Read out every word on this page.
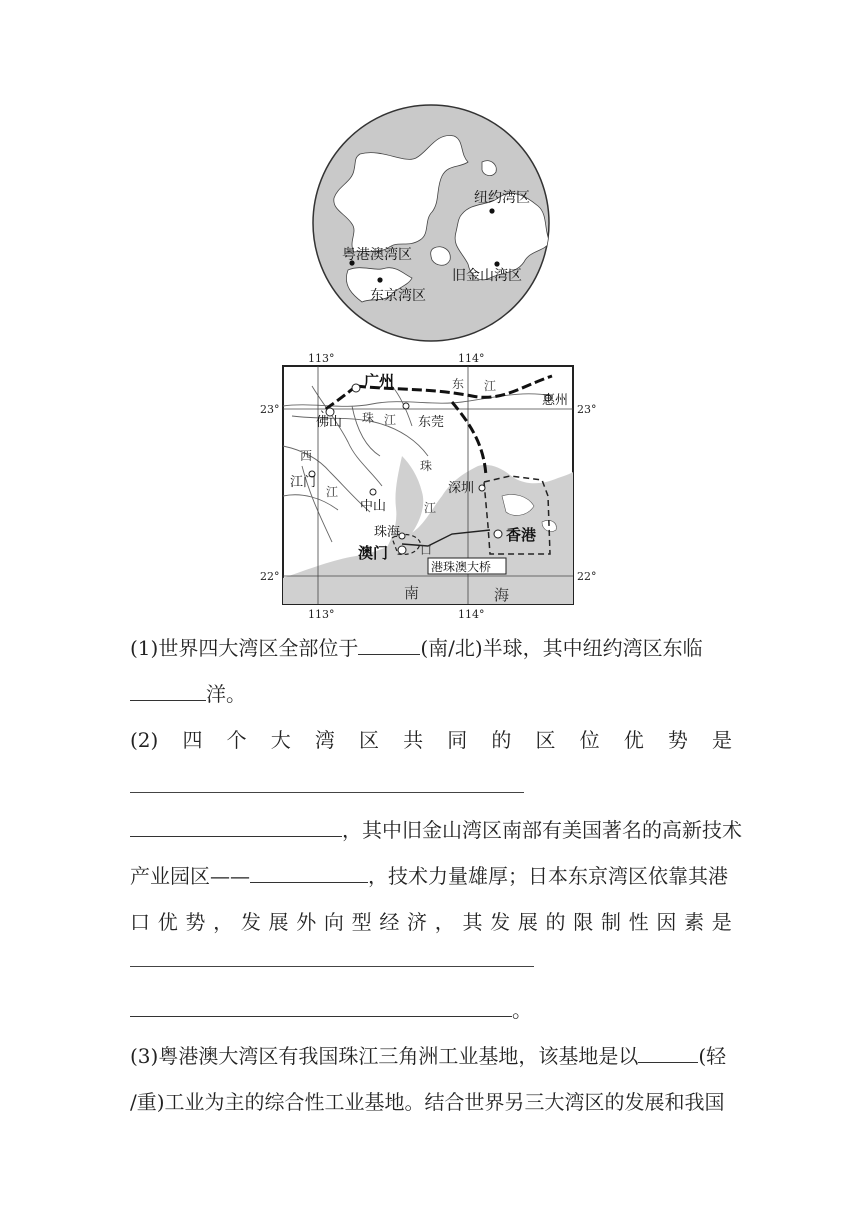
纽约湾区
粤港澳湾区
旧金山湾区
东京湾区
港珠澳大桥
113°	114°
113°	114°
23°
22°
23°
22°
广州
惠州
佛山	东莞
江门
中山
深圳
珠海
澳门
香港
东 江
珠 江
西
江
珠
江
口
南	海
(1)世界四大湾区全部位于	(南/北)半球，其中纽约湾区东临
洋。
(2) 四 个 大 湾 区 共 同 的 区 位 优 势 是
，其中旧金山湾区南部有美国著名的高新技术
产业园区——	，技术力量雄厚；日本东京湾区依靠其港
口 优 势 ， 发 展 外 向 型 经 济 ， 其 发 展 的 限 制 性 因 素 是
。
(3)粤港澳大湾区有我国珠江三角洲工业基地，该基地是以	(轻
/重)工业为主的综合性工业基地。结合世界另三大湾区的发展和我国
